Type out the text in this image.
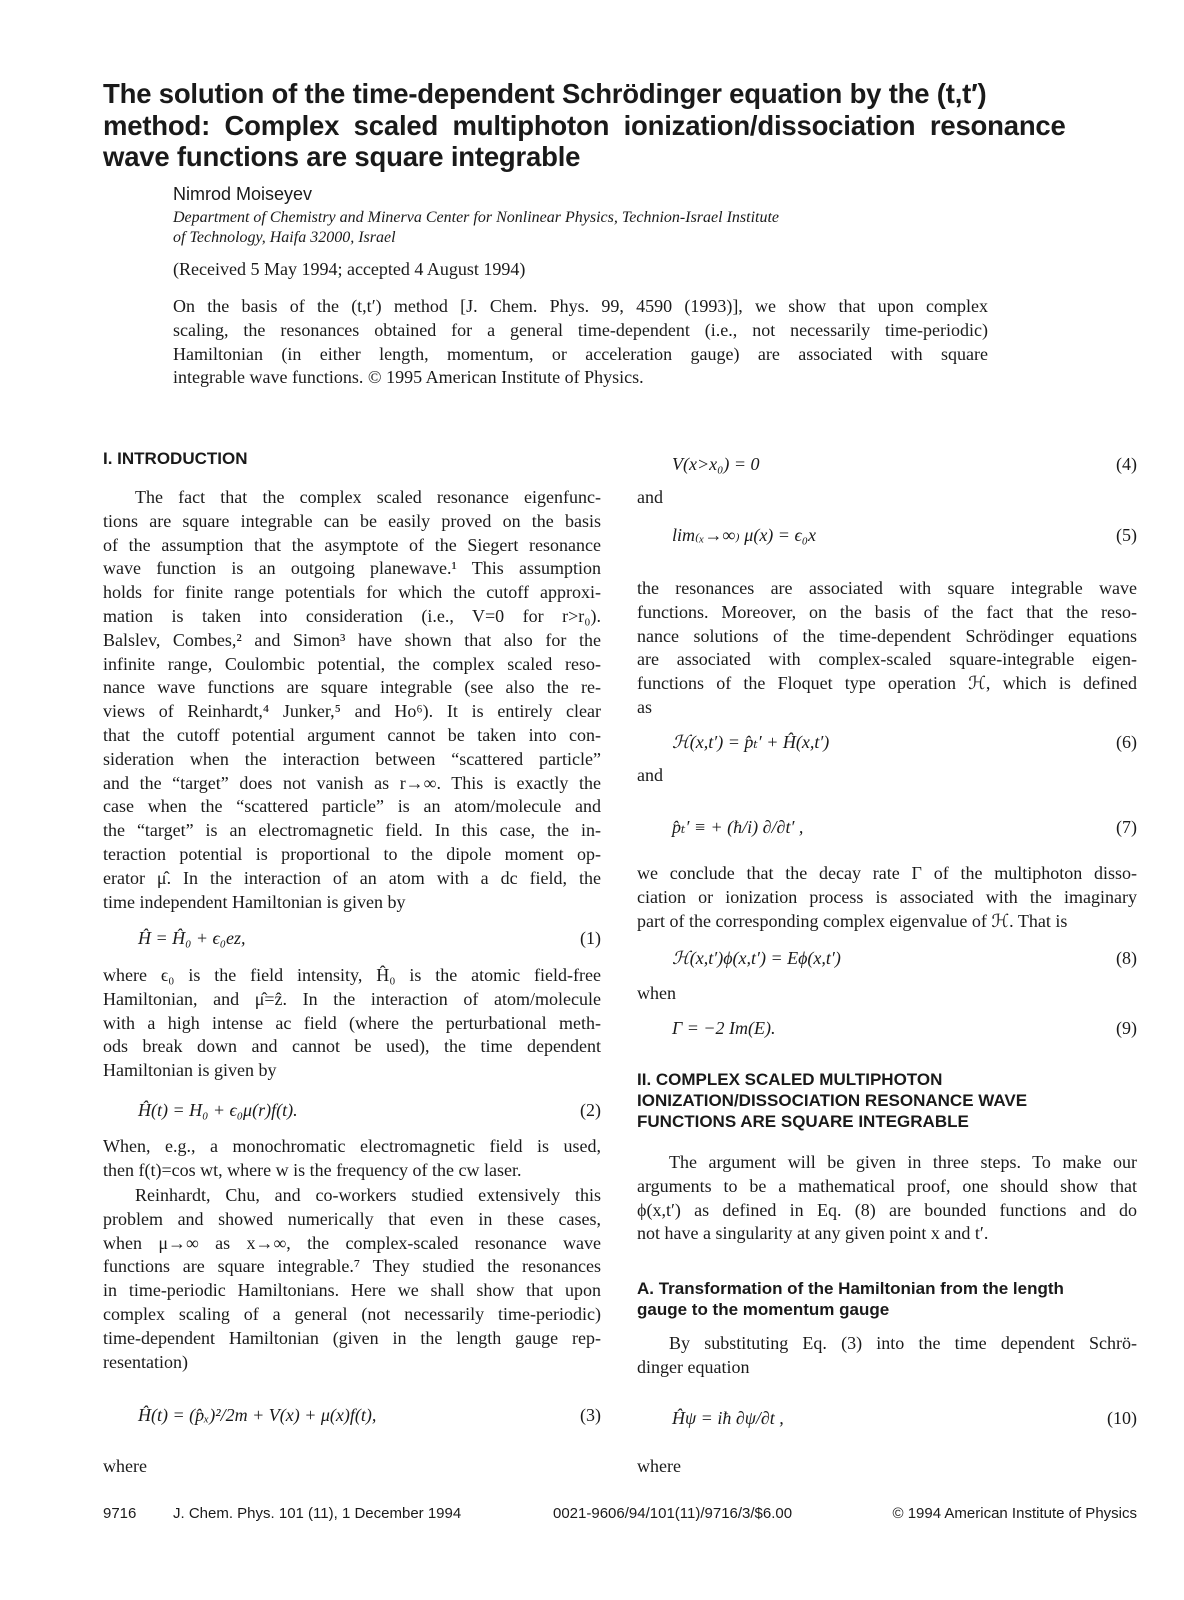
The solution of the time-dependent Schrödinger equation by the (t,t′)
method: Complex scaled multiphoton ionization/dissociation resonance
wave functions are square integrable
Nimrod Moiseyev
Department of Chemistry and Minerva Center for Nonlinear Physics, Technion-Israel Institute
of Technology, Haifa 32000, Israel
(Received 5 May 1994; accepted 4 August 1994)
On the basis of the (t,t′) method [J. Chem. Phys. 99, 4590 (1993)], we show that upon complex
scaling, the resonances obtained for a general time-dependent (i.e., not necessarily time-periodic)
Hamiltonian (in either length, momentum, or acceleration gauge) are associated with square
integrable wave functions. © 1995 American Institute of Physics.
I. INTRODUCTION
The fact that the complex scaled resonance eigenfunc-
tions are square integrable can be easily proved on the basis
of the assumption that the asymptote of the Siegert resonance
wave function is an outgoing planewave.¹ This assumption
holds for finite range potentials for which the cutoff approxi-
mation is taken into consideration (i.e., V=0 for r>r₀).
Balslev, Combes,² and Simon³ have shown that also for the
infinite range, Coulombic potential, the complex scaled reso-
nance wave functions are square integrable (see also the re-
views of Reinhardt,⁴ Junker,⁵ and Ho⁶). It is entirely clear
that the cutoff potential argument cannot be taken into con-
sideration when the interaction between “scattered particle”
and the “target” does not vanish as r→∞. This is exactly the
case when the “scattered particle” is an atom/molecule and
the “target” is an electromagnetic field. In this case, the in-
teraction potential is proportional to the dipole moment op-
erator μ̂. In the interaction of an atom with a dc field, the
time independent Hamiltonian is given by
Ĥ = Ĥ₀ + ϵ₀ez,	(1)
where ϵ₀ is the field intensity, Ĥ₀ is the atomic field-free
Hamiltonian, and μ̂=ẑ. In the interaction of atom/molecule
with a high intense ac field (where the perturbational meth-
ods break down and cannot be used), the time dependent
Hamiltonian is given by
Ĥ(t) = H₀ + ϵ₀μ(r)f(t).	(2)
When, e.g., a monochromatic electromagnetic field is used,
then f(t)=cos wt, where w is the frequency of the cw laser.
Reinhardt, Chu, and co-workers studied extensively this
problem and showed numerically that even in these cases,
when μ→∞ as x→∞, the complex-scaled resonance wave
functions are square integrable.⁷ They studied the resonances
in time-periodic Hamiltonians. Here we shall show that upon
complex scaling of a general (not necessarily time-periodic)
time-dependent Hamiltonian (given in the length gauge rep-
resentation)
Ĥ(t) = (p̂ₓ)²/2m + V(x) + μ(x)f(t),	(3)
where
V(x>x₀) = 0	(4)
and
lim₍ₓ→∞₎ μ(x) = ϵ₀x	(5)
the resonances are associated with square integrable wave
functions. Moreover, on the basis of the fact that the reso-
nance solutions of the time-dependent Schrödinger equations
are associated with complex-scaled square-integrable eigen-
functions of the Floquet type operation ℋ, which is defined
as
ℋ(x,t′) = p̂ₜ′ + Ĥ(x,t′)	(6)
and
p̂ₜ′ ≡ + (ħ/i) ∂/∂t′ ,	(7)
we conclude that the decay rate Γ of the multiphoton disso-
ciation or ionization process is associated with the imaginary
part of the corresponding complex eigenvalue of ℋ. That is
ℋ(x,t′)ϕ(x,t′) = Eϕ(x,t′)	(8)
when
Γ = −2 Im(E).	(9)
II. COMPLEX SCALED MULTIPHOTON
IONIZATION/DISSOCIATION RESONANCE WAVE
FUNCTIONS ARE SQUARE INTEGRABLE
The argument will be given in three steps. To make our
arguments to be a mathematical proof, one should show that
ϕ(x,t′) as defined in Eq. (8) are bounded functions and do
not have a singularity at any given point x and t′.
A. Transformation of the Hamiltonian from the length
gauge to the momentum gauge
By substituting Eq. (3) into the time dependent Schrö-
dinger equation
Ĥψ = iħ ∂ψ/∂t ,	(10)
where
9716 J. Chem. Phys. 101 (11), 1 December 1994	0021-9606/94/101(11)/9716/3/$6.00	© 1994 American Institute of Physics
